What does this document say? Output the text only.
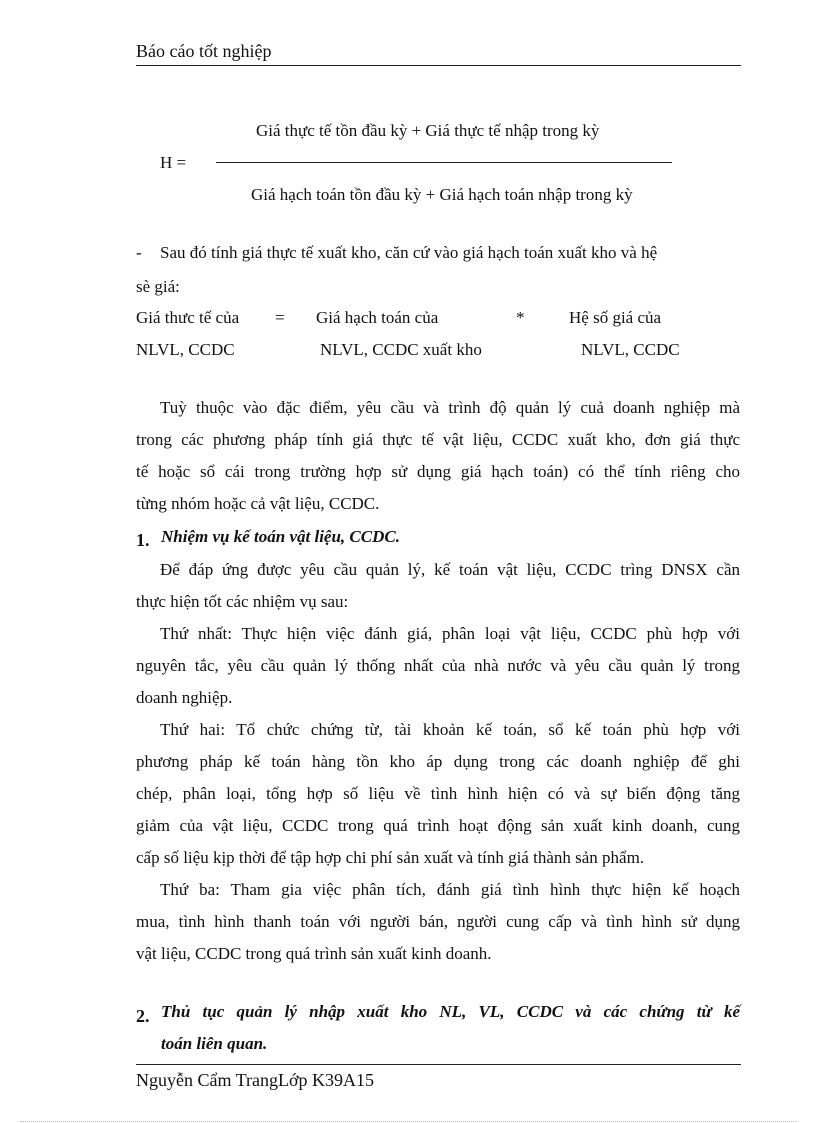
Báo cáo tốt nghiệp
Giá thực tế tồn đầu kỳ + Giá thực tế nhập trong kỳ
H =
Giá hạch toán tồn đầu kỳ + Giá hạch toán nhập trong kỳ
- Sau đó tính giá thực tế xuất kho, căn cứ vào giá hạch toán xuất kho và hệ
sè giá:
Giá thưc tế của = Giá hạch toán của	*	Hệ số giá của
NLVL, CCDC	NLVL, CCDC xuất kho	NLVL, CCDC
Tuỳ thuộc vào đặc điểm, yêu cầu và trình độ quản lý cuả doanh nghiệp mà
trong các phương pháp tính giá thực tế vật liệu, CCDC xuất kho, đơn giá thực
tế hoặc sổ cái trong trường hợp sử dụng giá hạch toán) có thể tính riêng cho
từng nhóm hoặc cả vật liệu, CCDC.
1. Nhiệm vụ kế toán vật liệu, CCDC.
Để đáp ứng được yêu cầu quản lý, kế toán vật liệu, CCDC trìng DNSX cần
thực hiện tốt các nhiệm vụ sau:
Thứ nhất: Thực hiện việc đánh giá, phân loại vật liệu, CCDC phù hợp với
nguyên tắc, yêu cầu quản lý thống nhất của nhà nước và yêu cầu quản lý trong
doanh nghiệp.
Thứ hai: Tổ chức chứng từ, tài khoản kế toán, sổ kế toán phù hợp với
phương pháp kế toán hàng tồn kho áp dụng trong các doanh nghiệp để ghi
chép, phân loại, tổng hợp số liệu về tình hình hiện có và sự biến động tăng
giảm của vật liệu, CCDC trong quá trình hoạt động sản xuất kinh doanh, cung
cấp số liệu kịp thời để tập hợp chi phí sản xuất và tính giá thành sản phẩm.
Thứ ba: Tham gia việc phân tích, đánh giá tình hình thực hiện kế hoạch
mua, tình hình thanh toán với người bán, người cung cấp và tình hình sử dụng
vật liệu, CCDC trong quá trình sản xuất kinh doanh.
2. Thủ tục quản lý nhập xuất kho NL, VL, CCDC và các chứng từ kế
toán liên quan.
Nguyễn Cẩm TrangLớp K39A15
